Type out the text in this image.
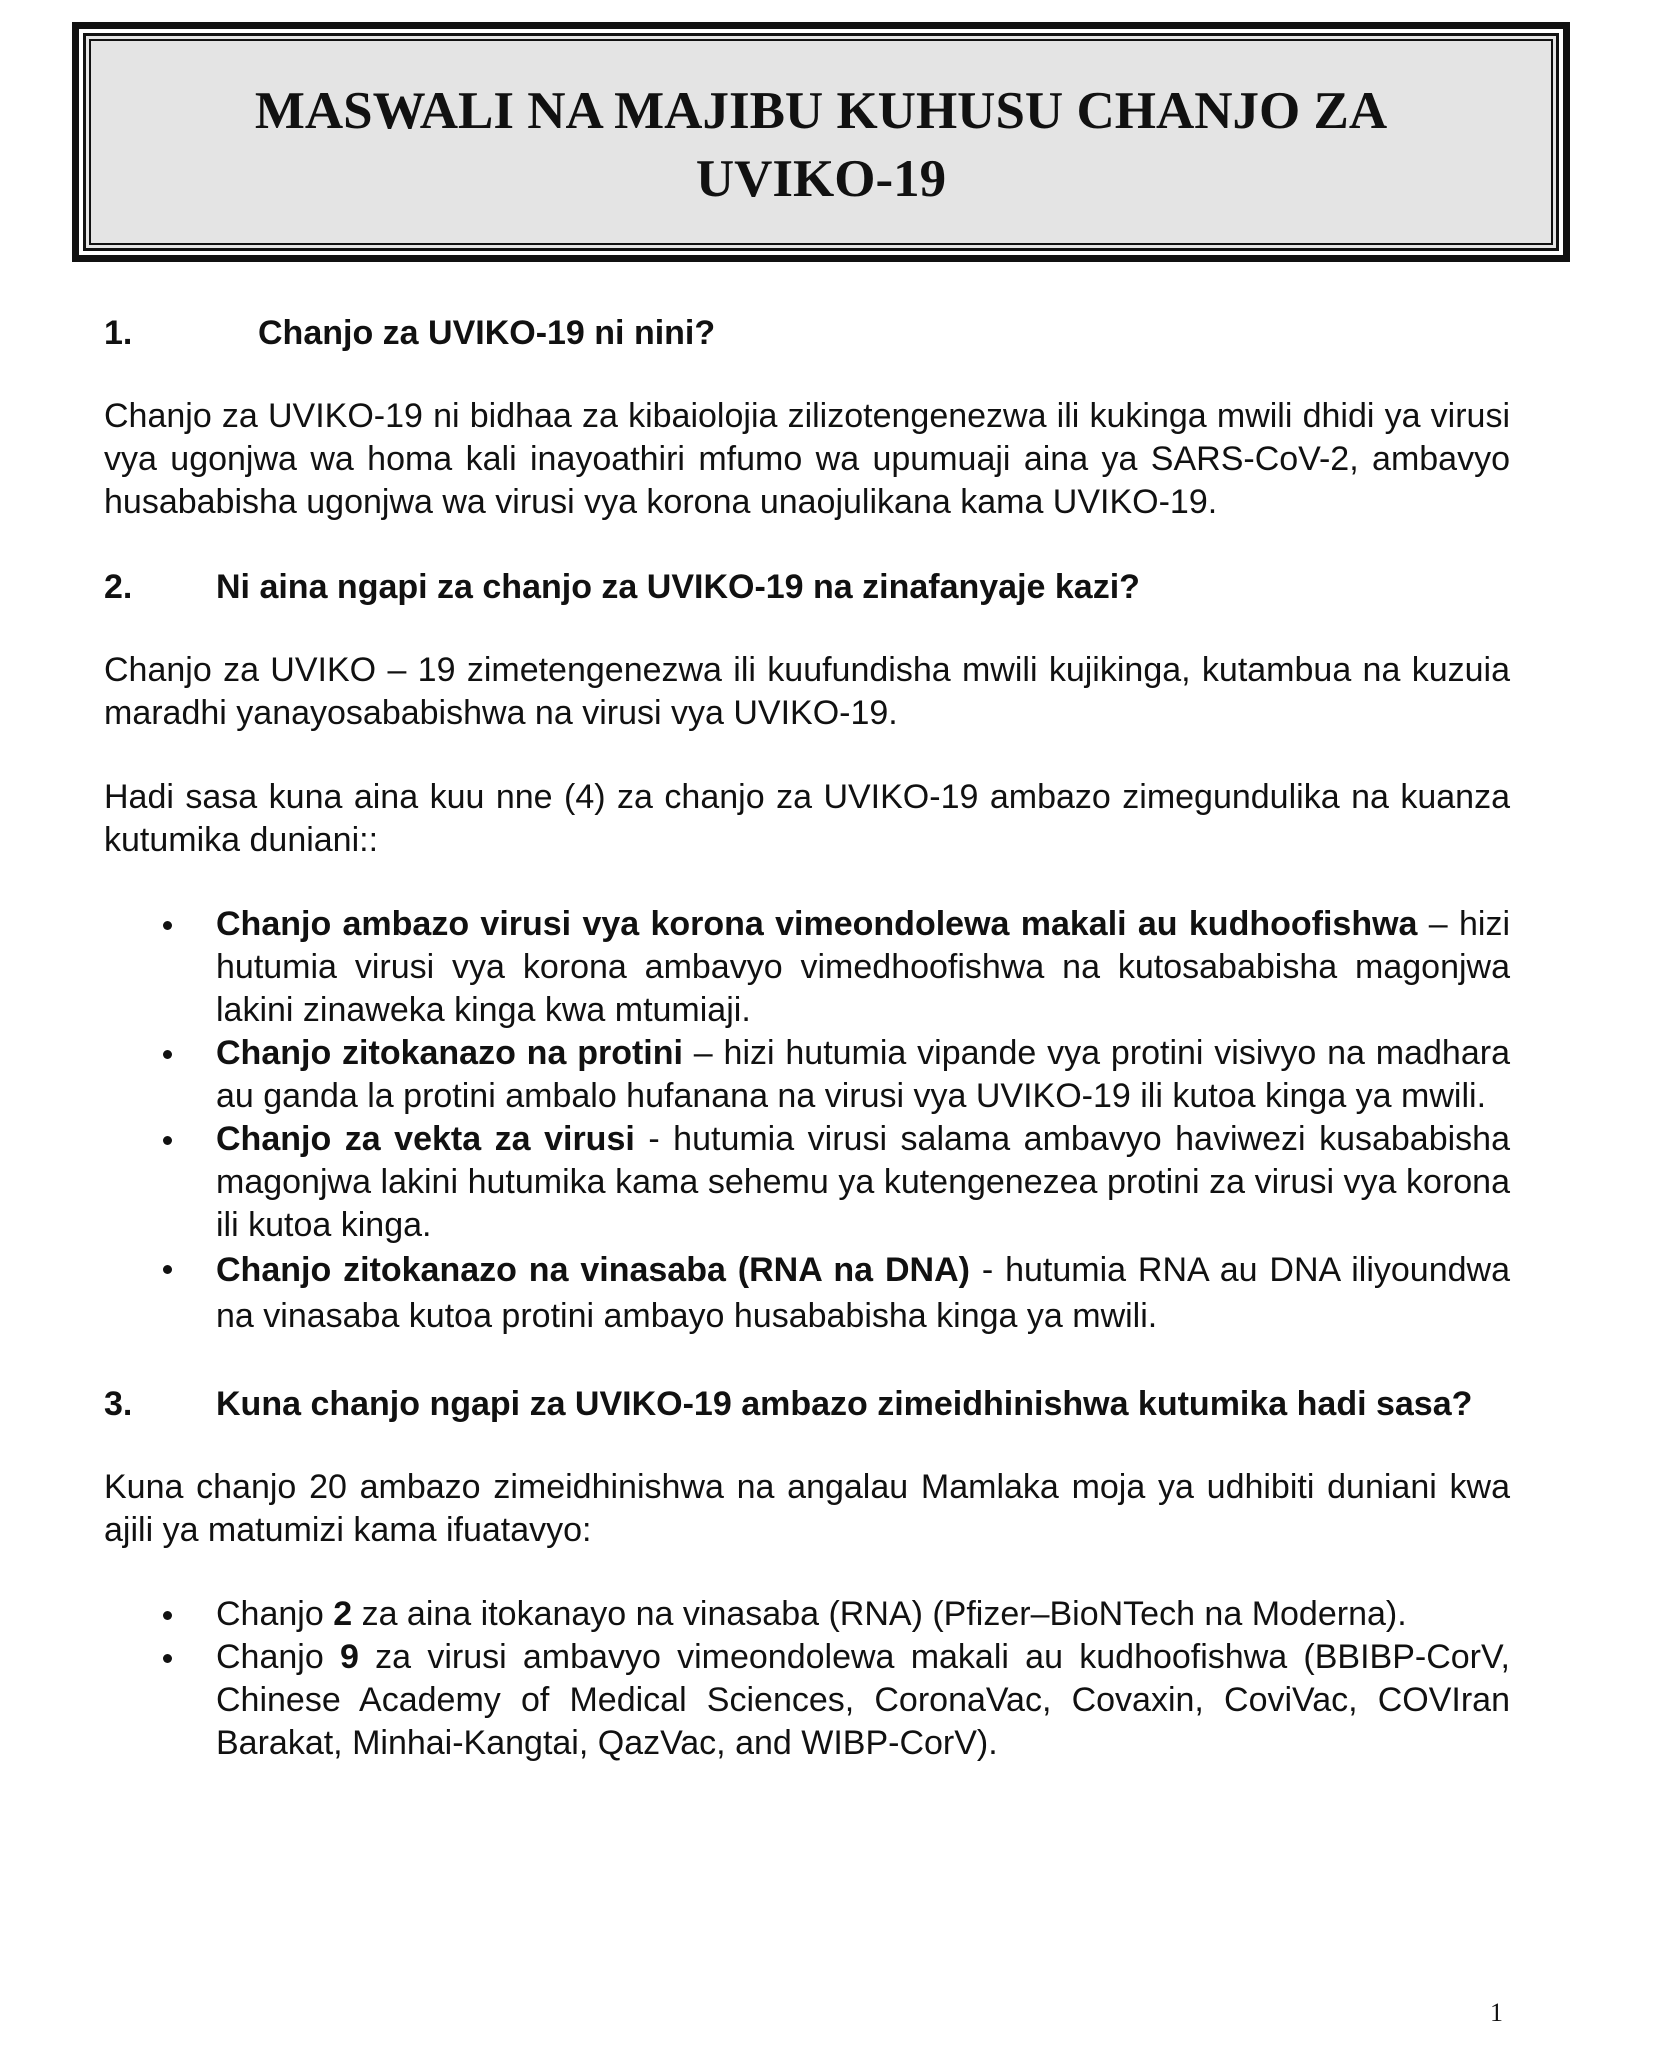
MASWALI NA MAJIBU KUHUSU CHANJO ZA UVIKO-19
1.	Chanjo za UVIKO-19 ni nini?

Chanjo za UVIKO-19 ni bidhaa za kibaiolojia zilizotengenezwa ili kukinga mwili dhidi ya virusi vya ugonjwa wa homa kali inayoathiri mfumo wa upumuaji aina ya SARS-CoV-2, ambavyo husababisha ugonjwa wa virusi vya korona unaojulikana kama UVIKO-19.

2.	Ni aina ngapi za chanjo za UVIKO-19 na zinafanyaje kazi?

Chanjo za UVIKO – 19 zimetengenezwa ili kuufundisha mwili kujikinga, kutambua na kuzuia maradhi yanayosababishwa na virusi vya UVIKO-19.

Hadi sasa kuna aina kuu nne (4) za chanjo za UVIKO-19 ambazo zimegundulika na kuanza kutumika duniani::

Chanjo ambazo virusi vya korona vimeondolewa makali au kudhoofishwa – hizi hutumia virusi vya korona ambavyo vimedhoofishwa na kutosababisha magonjwa lakini zinaweka kinga kwa mtumiaji.
Chanjo zitokanazo na protini – hizi hutumia vipande vya protini visivyo na madhara au ganda la protini ambalo hufanana na virusi vya UVIKO-19 ili kutoa kinga ya mwili.
Chanjo za vekta za virusi - hutumia virusi salama ambavyo haviwezi kusababisha magonjwa lakini hutumika kama sehemu ya kutengenezea protini za virusi vya korona ili kutoa kinga.
Chanjo zitokanazo na vinasaba (RNA na DNA) - hutumia RNA au DNA iliyoundwa na vinasaba kutoa protini ambayo husababisha kinga ya mwili.
3.	Kuna chanjo ngapi za UVIKO-19 ambazo zimeidhinishwa kutumika hadi sasa?

Kuna chanjo 20 ambazo zimeidhinishwa na angalau Mamlaka moja ya udhibiti duniani kwa ajili ya matumizi kama ifuatavyo:

Chanjo 2 za aina itokanayo na vinasaba (RNA) (Pfizer–BioNTech na Moderna).
Chanjo 9 za virusi ambavyo vimeondolewa makali au kudhoofishwa (BBIBP-CorV, Chinese Academy of Medical Sciences, CoronaVac, Covaxin, CoviVac, COVIran Barakat, Minhai-Kangtai, QazVac, and WIBP-CorV).
1
